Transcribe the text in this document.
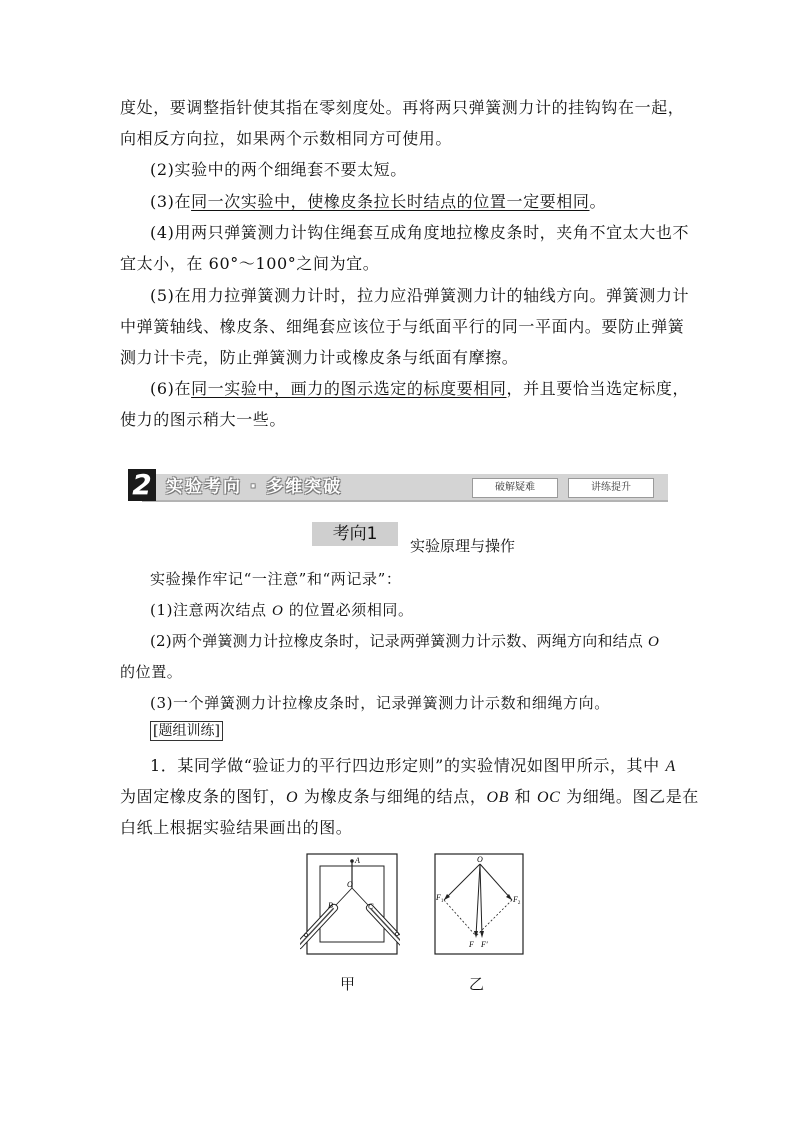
度处，要调整指针使其指在零刻度处。再将两只弹簧测力计的挂钩钩在一起，
向相反方向拉，如果两个示数相同方可使用。
(2)实验中的两个细绳套不要太短。
(3)在同一次实验中，使橡皮条拉长时结点的位置一定要相同。
(4)用两只弹簧测力计钩住绳套互成角度地拉橡皮条时，夹角不宜太大也不
宜太小，在 60°～100°之间为宜。
(5)在用力拉弹簧测力计时，拉力应沿弹簧测力计的轴线方向。弹簧测力计
中弹簧轴线、橡皮条、细绳套应该位于与纸面平行的同一平面内。要防止弹簧
测力计卡壳，防止弹簧测力计或橡皮条与纸面有摩擦。
(6)在同一实验中，画力的图示选定的标度要相同，并且要恰当选定标度，
使力的图示稍大一些。
2 实验考向 · 多维突破	破解疑难	讲练提升
考向1
实验原理与操作
实验操作牢记“一注意”和“两记录”：
(1)注意两次结点 O 的位置必须相同。
(2)两个弹簧测力计拉橡皮条时，记录两弹簧测力计示数、两绳方向和结点 O
的位置。
(3)一个弹簧测力计拉橡皮条时，记录弹簧测力计示数和细绳方向。
[题组训练]
1．某同学做“验证力的平行四边形定则”的实验情况如图甲所示，其中 A
为固定橡皮条的图钉，O 为橡皮条与细绳的结点，OB 和 OC 为细绳。图乙是在
白纸上根据实验结果画出的图。
A
O
B	C
甲
O
$F_1$	$F_2$
F F′
乙
